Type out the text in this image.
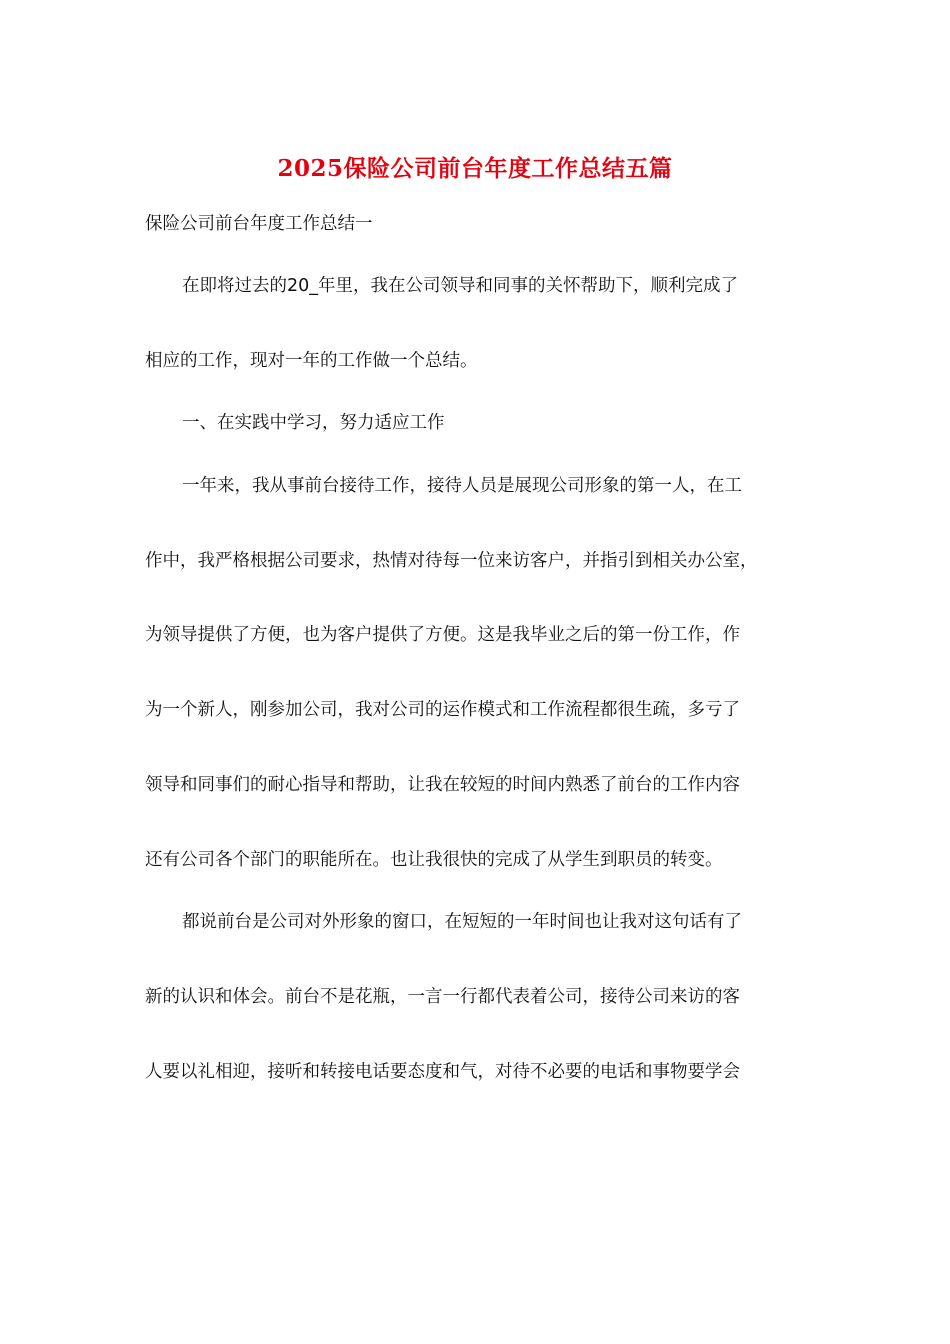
2025保险公司前台年度工作总结五篇
保险公司前台年度工作总结一
在即将过去的20_年里，我在公司领导和同事的关怀帮助下，顺利完成了
相应的工作，现对一年的工作做一个总结。
一、在实践中学习，努力适应工作
一年来，我从事前台接待工作，接待人员是展现公司形象的第一人，在工
作中，我严格根据公司要求，热情对待每一位来访客户，并指引到相关办公室，
为领导提供了方便，也为客户提供了方便。这是我毕业之后的第一份工作，作
为一个新人，刚参加公司，我对公司的运作模式和工作流程都很生疏，多亏了
领导和同事们的耐心指导和帮助，让我在较短的时间内熟悉了前台的工作内容
还有公司各个部门的职能所在。也让我很快的完成了从学生到职员的转变。
都说前台是公司对外形象的窗口，在短短的一年时间也让我对这句话有了
新的认识和体会。前台不是花瓶，一言一行都代表着公司，接待公司来访的客
人要以礼相迎，接听和转接电话要态度和气，对待不必要的电话和事物要学会
